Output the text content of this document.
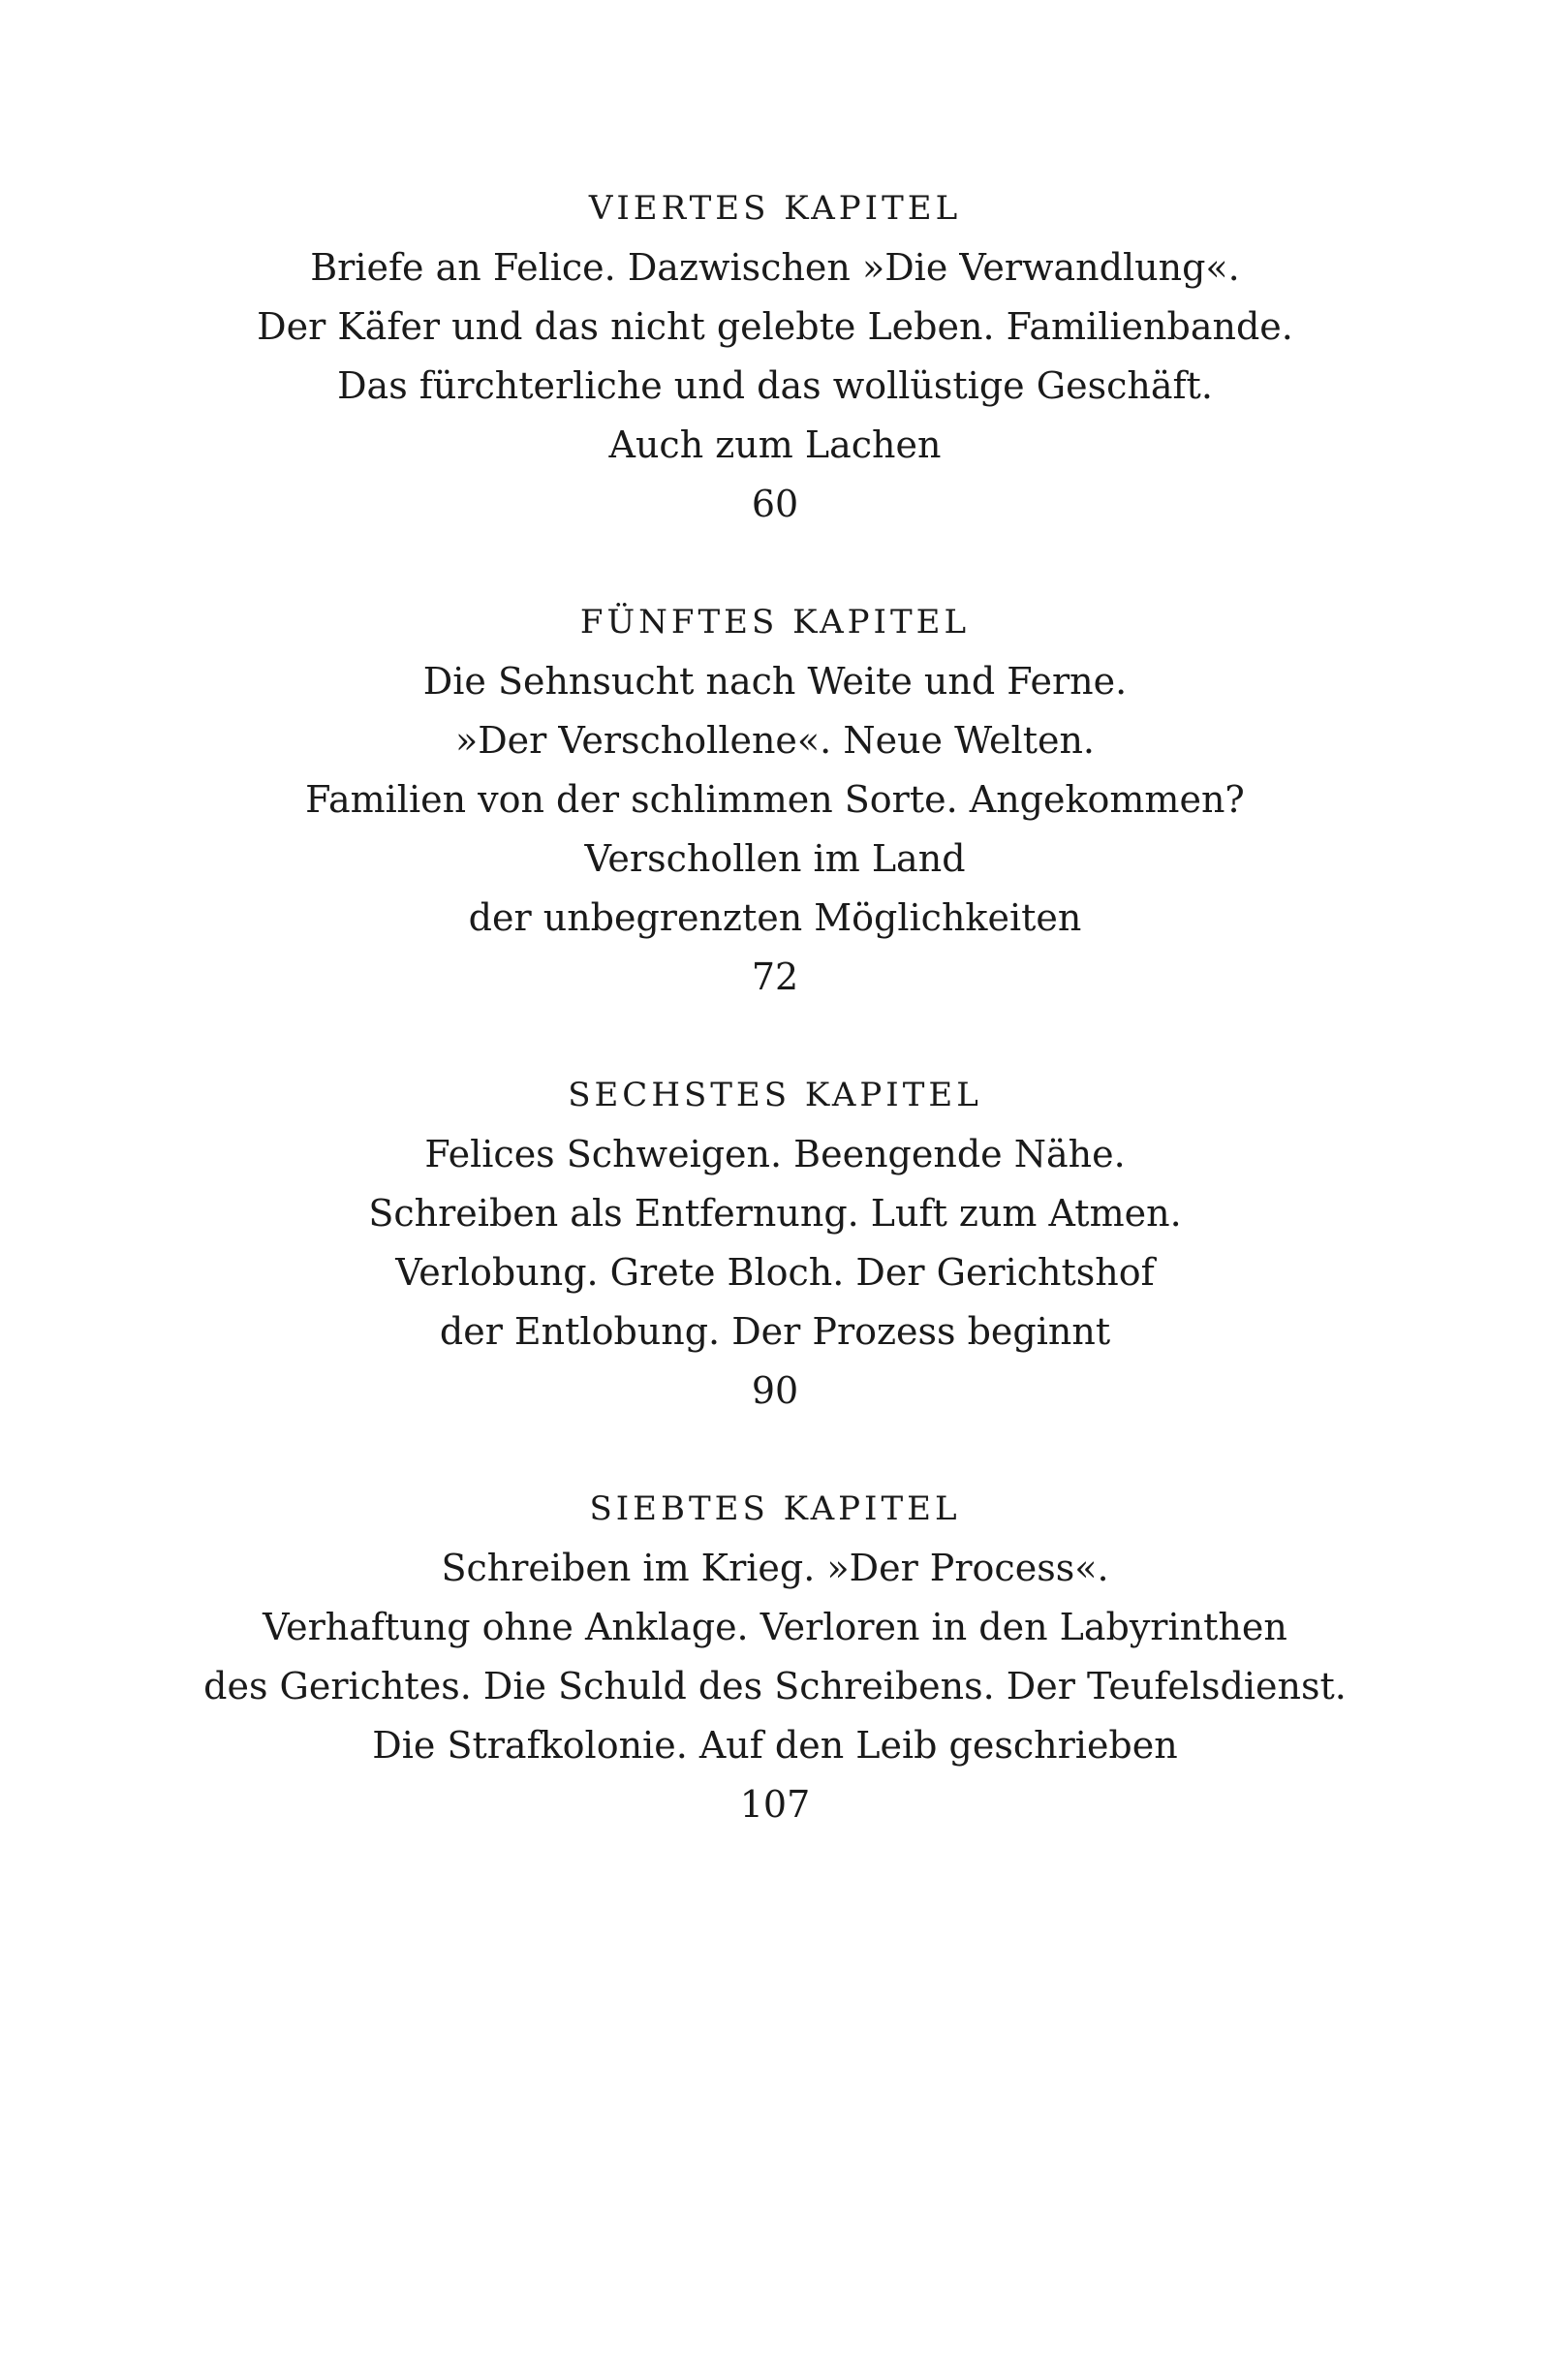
VIERTES KAPITEL
Briefe an Felice. Dazwischen »Die Verwandlung«.
Der Käfer und das nicht gelebte Leben. Familienbande.
Das fürchterliche und das wollüstige Geschäft.
Auch zum Lachen
60
FÜNFTES KAPITEL
Die Sehnsucht nach Weite und Ferne.
»Der Verschollene«. Neue Welten.
Familien von der schlimmen Sorte. Angekommen?
Verschollen im Land
der unbegrenzten Möglichkeiten
72
SECHSTES KAPITEL
Felices Schweigen. Beengende Nähe.
Schreiben als Entfernung. Luft zum Atmen.
Verlobung. Grete Bloch. Der Gerichtshof
der Entlobung. Der Prozess beginnt
90
SIEBTES KAPITEL
Schreiben im Krieg. »Der Process«.
Verhaftung ohne Anklage. Verloren in den Labyrinthen
des Gerichtes. Die Schuld des Schreibens. Der Teufelsdienst.
Die Strafkolonie. Auf den Leib geschrieben
107
